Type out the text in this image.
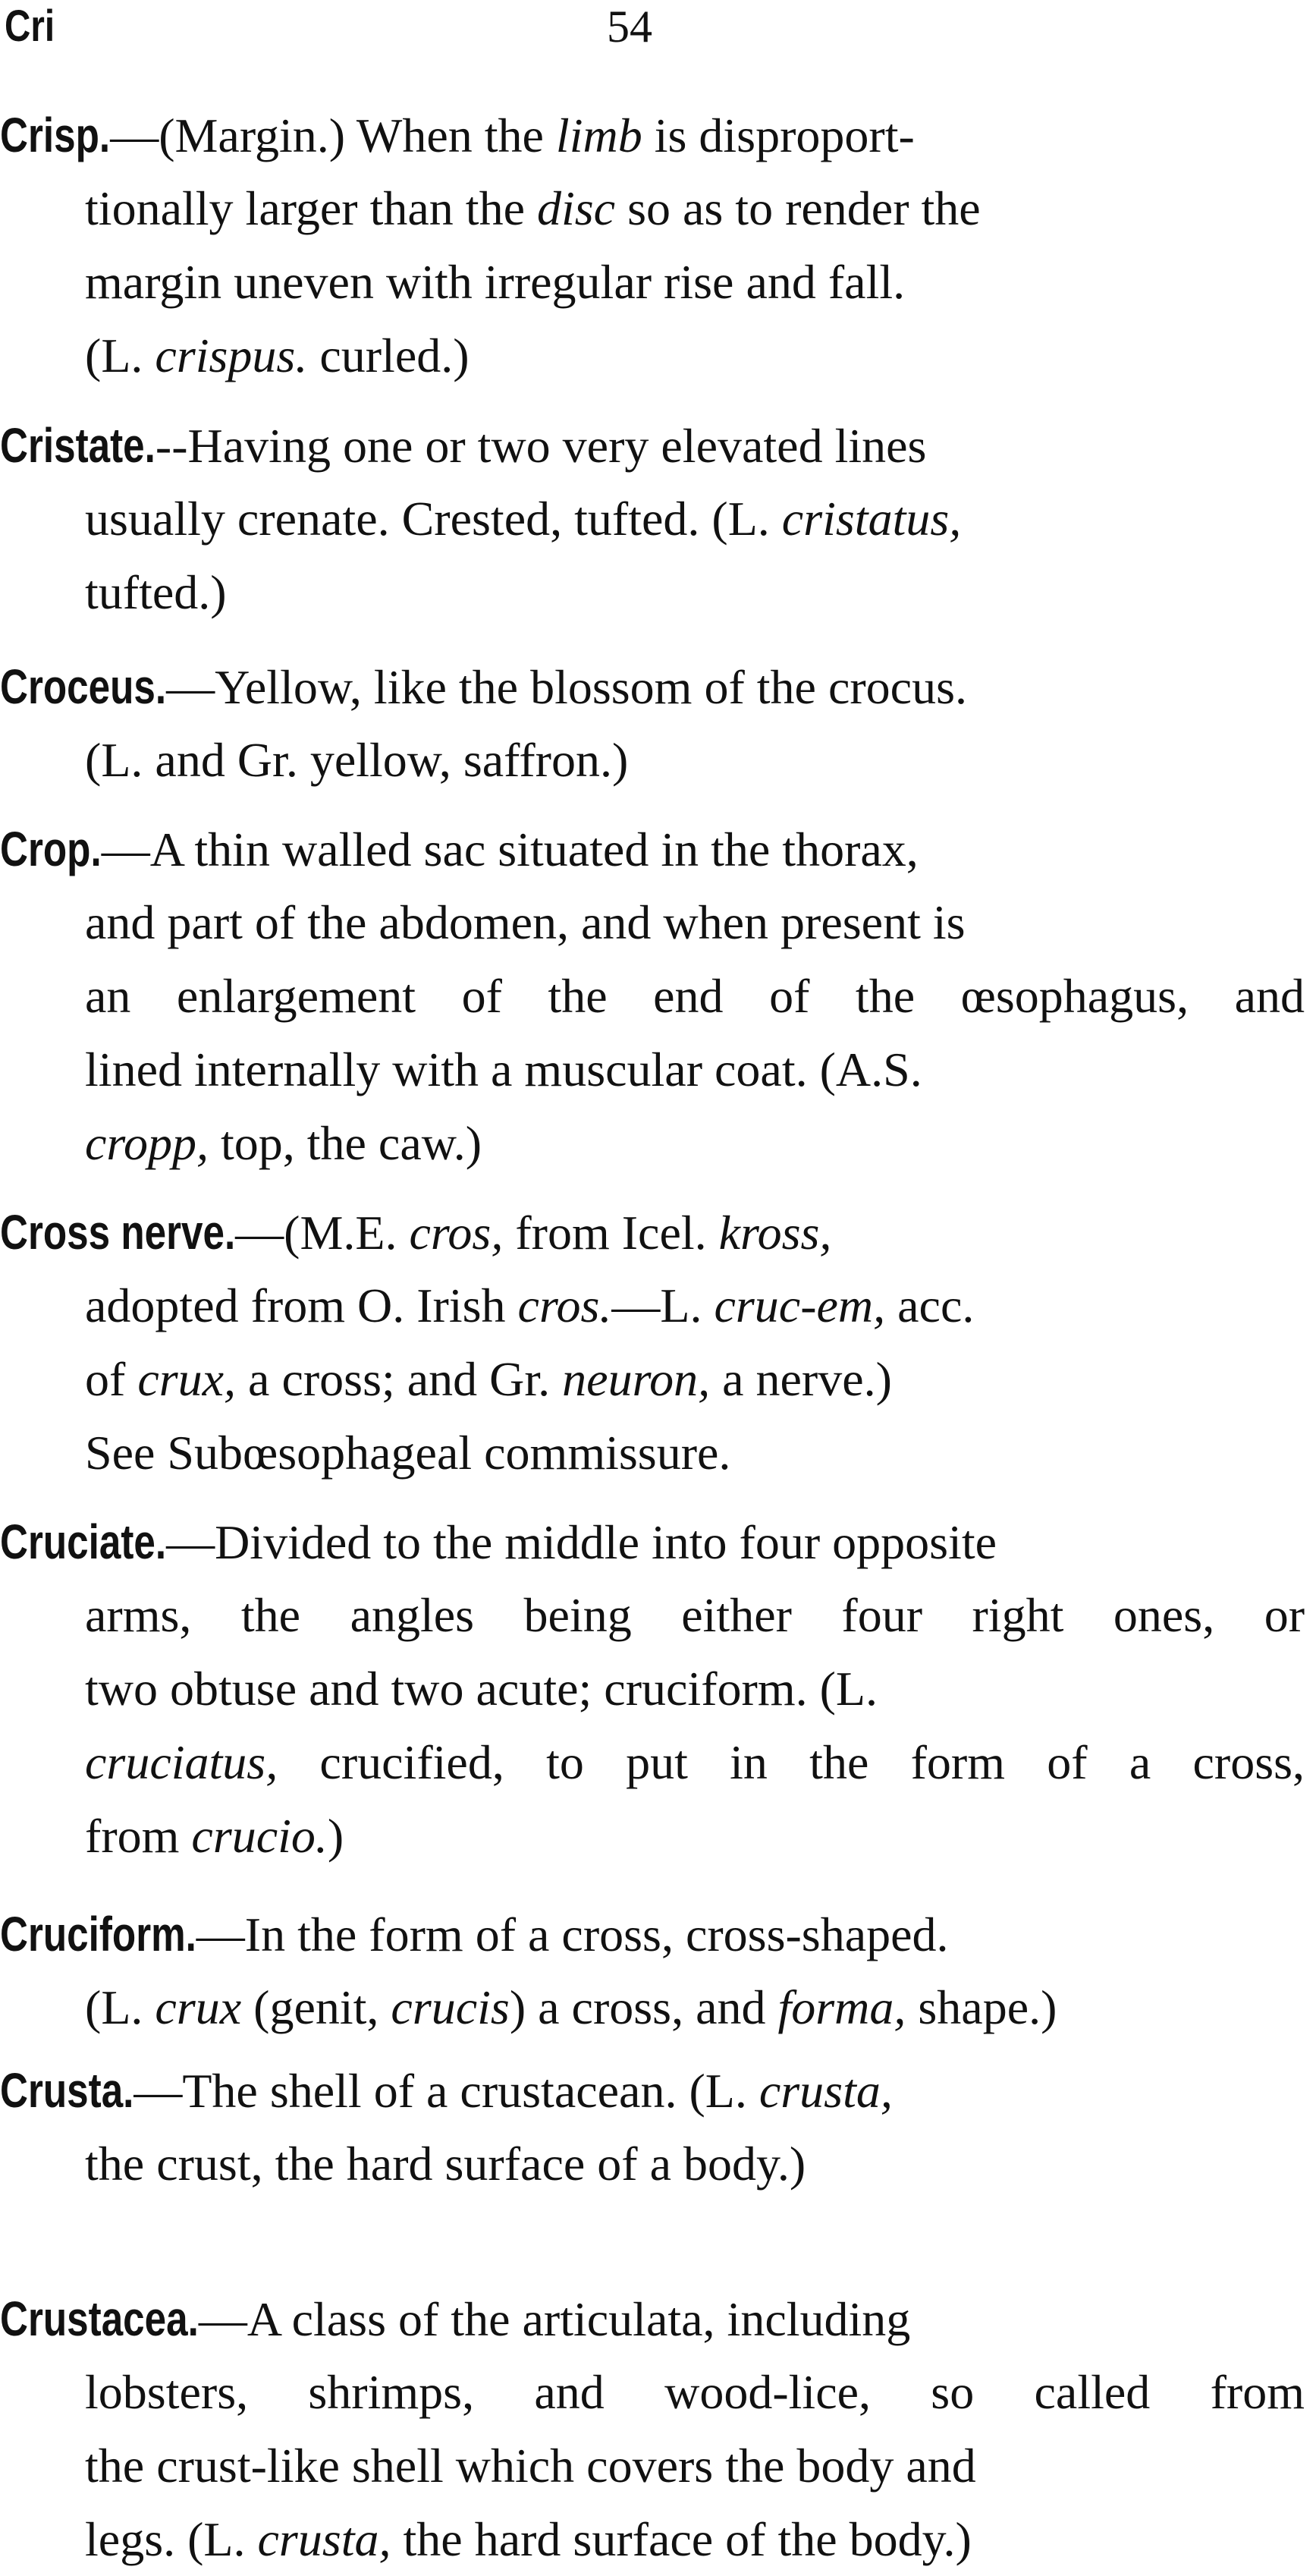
Cri	54
Crisp.—(Margin.) When the limb is disproport-
tionally larger than the disc so as to render the
margin uneven with irregular rise and fall.
(L. crispus. curled.)
Cristate.--Having one or two very elevated lines
usually crenate. Crested, tufted. (L. cristatus,
tufted.)
Croceus.—Yellow, like the blossom of the crocus.
(L. and Gr. yellow, saffron.)
Crop.—A thin walled sac situated in the thorax,
and part of the abdomen, and when present is
an enlargement of the end of the œsophagus, and
lined internally with a muscular coat. (A.S.
cropp, top, the caw.)
Cross nerve.—(M.E. cros, from Icel. kross,
adopted from O. Irish cros.—L. cruc-em, acc.
of crux, a cross; and Gr. neuron, a nerve.)
See Subœsophageal commissure.
Cruciate.—Divided to the middle into four opposite
arms, the angles being either four right ones, or
two obtuse and two acute; cruciform. (L.
cruciatus, crucified, to put in the form of a cross,
from crucio.)
Cruciform.—In the form of a cross, cross-shaped.
(L. crux (genit, crucis) a cross, and forma, shape.)
Crusta.—The shell of a crustacean. (L. crusta,
the crust, the hard surface of a body.)
Crustacea.—A class of the articulata, including
lobsters, shrimps, and wood-lice, so called from
the crust-like shell which covers the body and
legs. (L. crusta, the hard surface of the body.)
